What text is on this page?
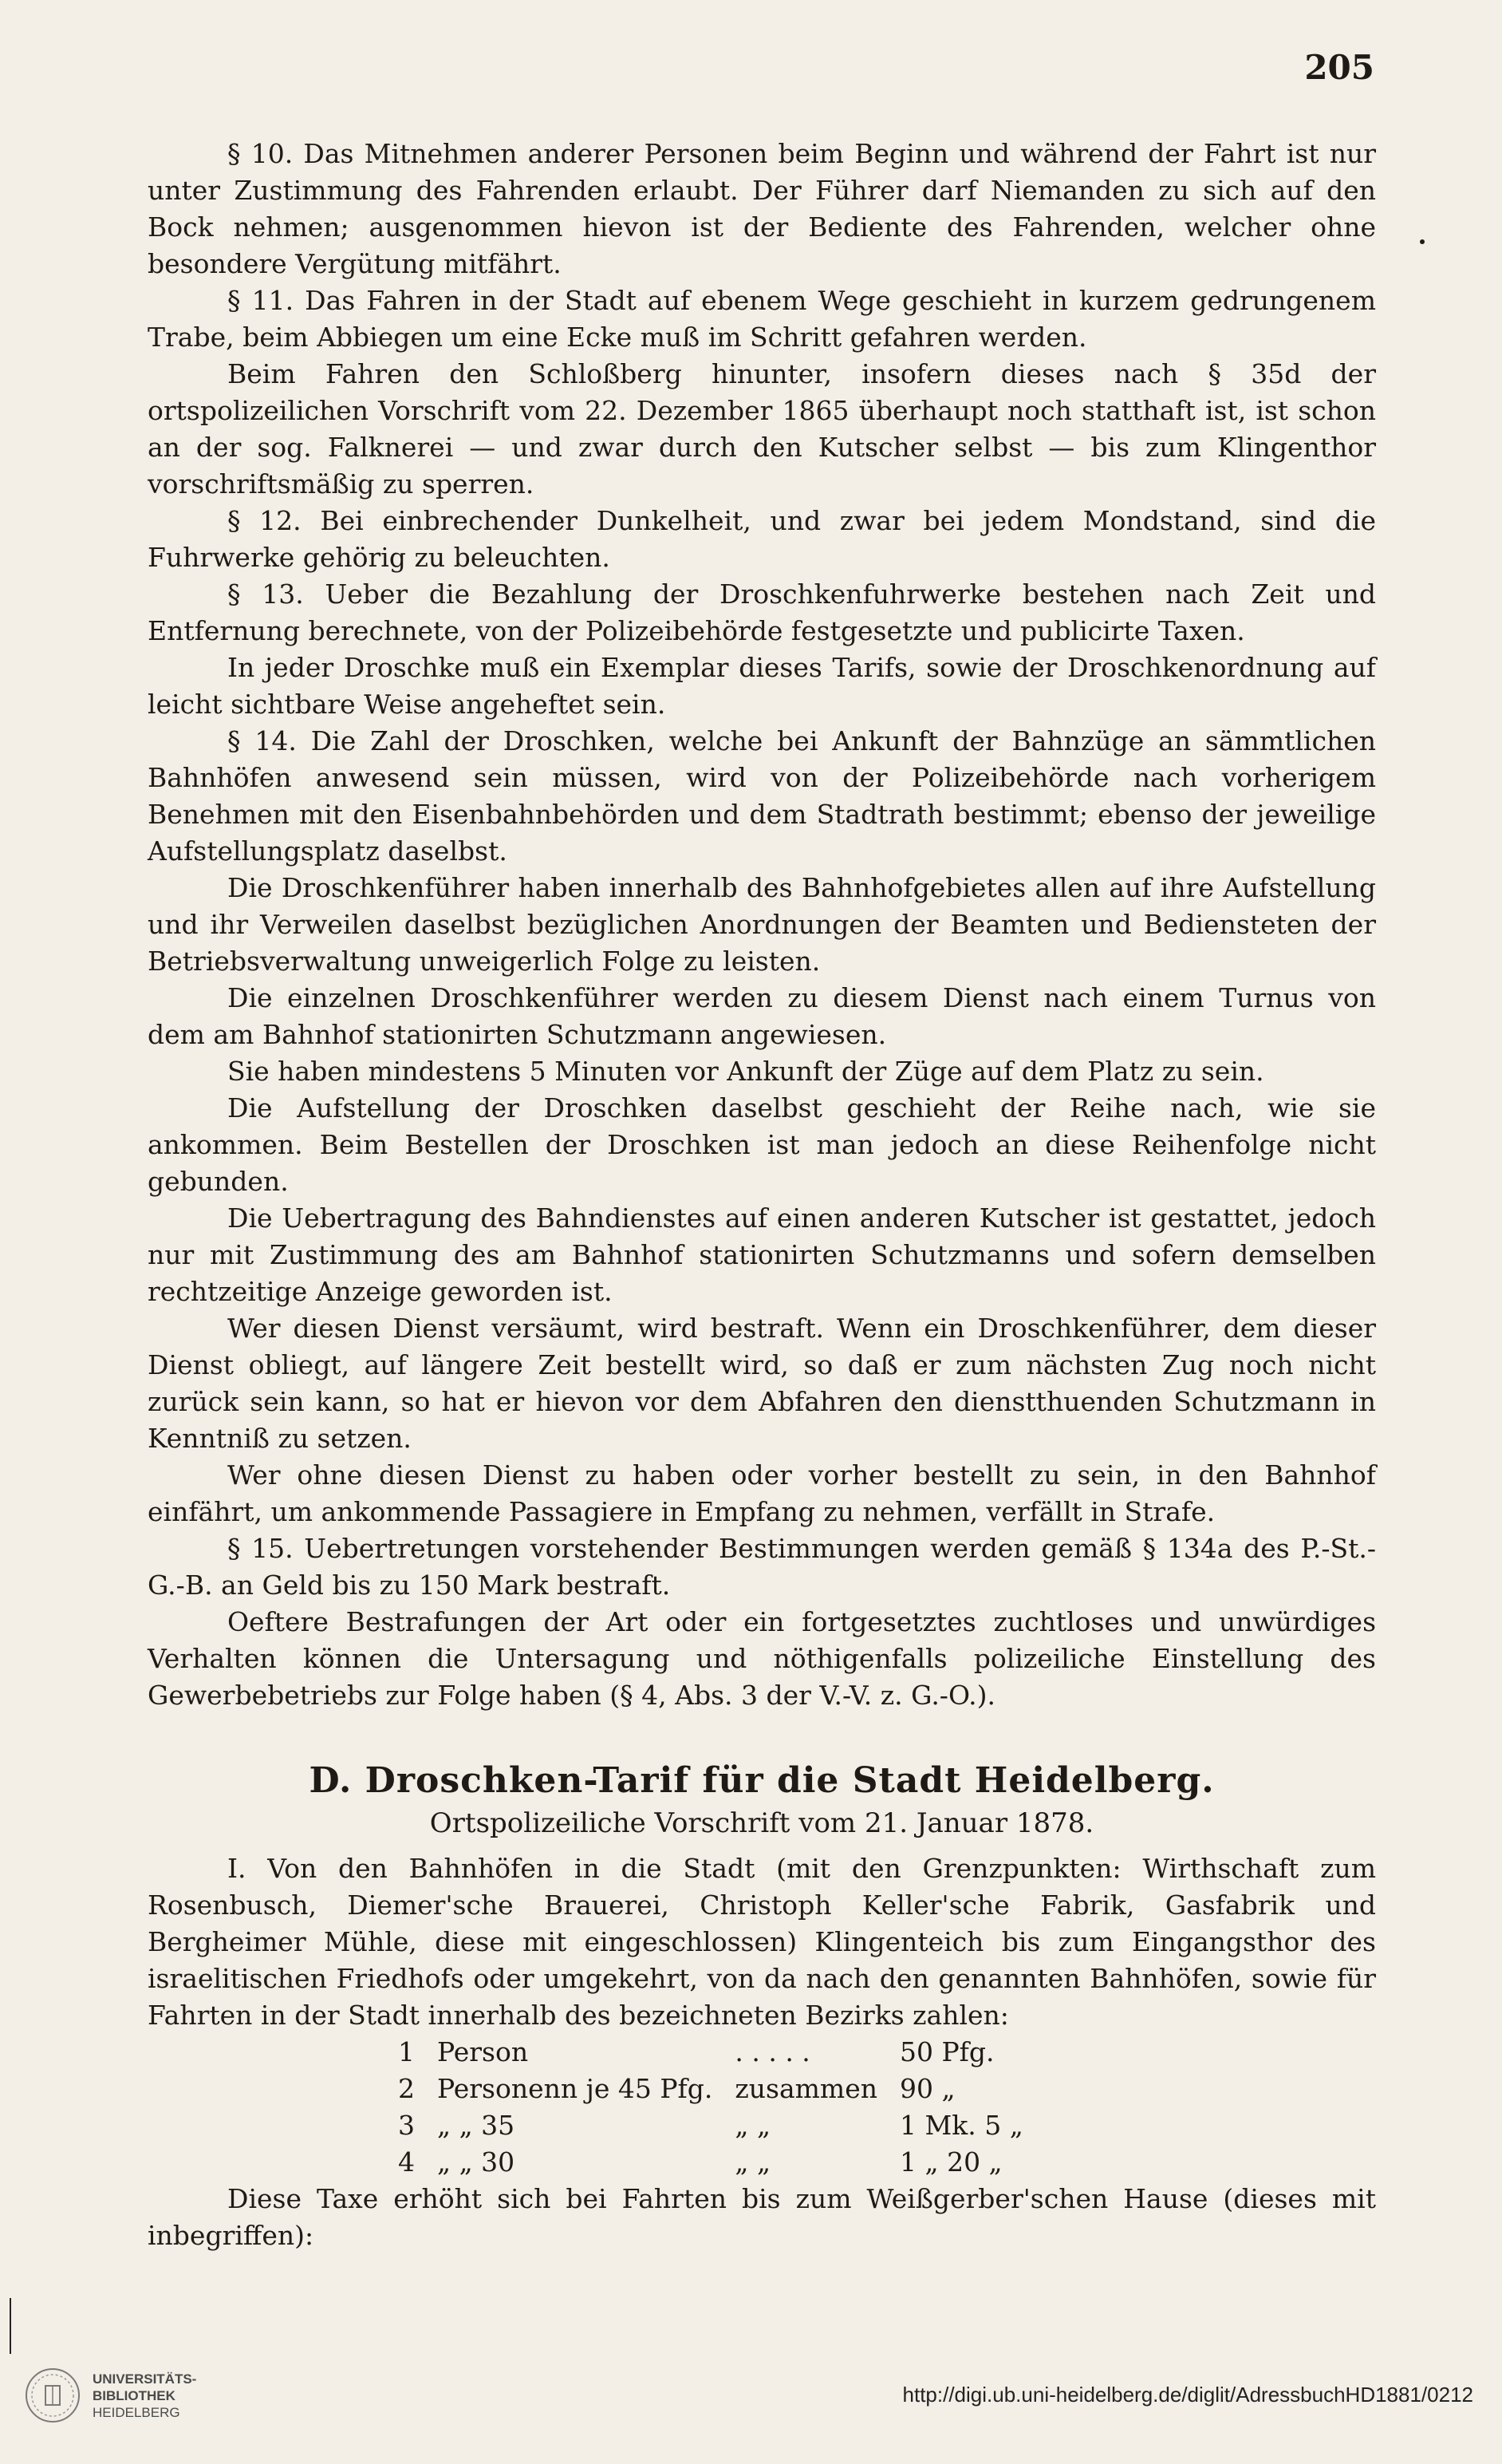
205

§ 10. Das Mitnehmen anderer Personen beim Beginn und während der Fahrt ist nur unter Zustimmung des Fahrenden erlaubt. Der Führer darf Niemanden zu sich auf den Bock nehmen; ausgenommen hievon ist der Bediente des Fahrenden, welcher ohne besondere Vergütung mitfährt.

§ 11. Das Fahren in der Stadt auf ebenem Wege geschieht in kurzem gedrungenem Trabe, beim Abbiegen um eine Ecke muß im Schritt gefahren werden.

Beim Fahren den Schloßberg hinunter, insofern dieses nach § 35d der ortspolizeilichen Vorschrift vom 22. Dezember 1865 überhaupt noch statthaft ist, ist schon an der sog. Falknerei — und zwar durch den Kutscher selbst — bis zum Klingenthor vorschriftsmäßig zu sperren.

§ 12. Bei einbrechender Dunkelheit, und zwar bei jedem Mondstand, sind die Fuhrwerke gehörig zu beleuchten.

§ 13. Ueber die Bezahlung der Droschkenfuhrwerke bestehen nach Zeit und Entfernung berechnete, von der Polizeibehörde festgesetzte und publicirte Taxen.

In jeder Droschke muß ein Exemplar dieses Tarifs, sowie der Droschkenordnung auf leicht sichtbare Weise angeheftet sein.

§ 14. Die Zahl der Droschken, welche bei Ankunft der Bahnzüge an sämmtlichen Bahnhöfen anwesend sein müssen, wird von der Polizeibehörde nach vorherigem Benehmen mit den Eisenbahnbehörden und dem Stadtrath bestimmt; ebenso der jeweilige Aufstellungsplatz daselbst.

Die Droschkenführer haben innerhalb des Bahnhofgebietes allen auf ihre Aufstellung und ihr Verweilen daselbst bezüglichen Anordnungen der Beamten und Bediensteten der Betriebsverwaltung unweigerlich Folge zu leisten.

Die einzelnen Droschkenführer werden zu diesem Dienst nach einem Turnus von dem am Bahnhof stationirten Schutzmann angewiesen.

Sie haben mindestens 5 Minuten vor Ankunft der Züge auf dem Platz zu sein.

Die Aufstellung der Droschken daselbst geschieht der Reihe nach, wie sie ankommen. Beim Bestellen der Droschken ist man jedoch an diese Reihenfolge nicht gebunden.

Die Uebertragung des Bahndienstes auf einen anderen Kutscher ist gestattet, jedoch nur mit Zustimmung des am Bahnhof stationirten Schutzmanns und sofern demselben rechtzeitige Anzeige geworden ist.

Wer diesen Dienst versäumt, wird bestraft. Wenn ein Droschkenführer, dem dieser Dienst obliegt, auf längere Zeit bestellt wird, so daß er zum nächsten Zug noch nicht zurück sein kann, so hat er hievon vor dem Abfahren den dienstthuenden Schutzmann in Kenntniß zu setzen.

Wer ohne diesen Dienst zu haben oder vorher bestellt zu sein, in den Bahnhof einfährt, um ankommende Passagiere in Empfang zu nehmen, verfällt in Strafe.

§ 15. Uebertretungen vorstehender Bestimmungen werden gemäß § 134a des P.-St.-G.-B. an Geld bis zu 150 Mark bestraft.

Oeftere Bestrafungen der Art oder ein fortgesetztes zuchtloses und unwürdiges Verhalten können die Untersagung und nöthigenfalls polizeiliche Einstellung des Gewerbebetriebs zur Folge haben (§ 4, Abs. 3 der V.-V. z. G.-O.).

D. Droschken-Tarif für die Stadt Heidelberg.
Ortspolizeiliche Vorschrift vom 21. Januar 1878.

I. Von den Bahnhöfen in die Stadt (mit den Grenzpunkten: Wirthschaft zum Rosenbusch, Diemer'sche Brauerei, Christoph Keller'sche Fabrik, Gasfabrik und Bergheimer Mühle, diese mit eingeschlossen) Klingenteich bis zum Eingangsthor des israelitischen Friedhofs oder umgekehrt, von da nach den genannten Bahnhöfen, sowie für Fahrten in der Stadt innerhalb des bezeichneten Bezirks zahlen:

1	Person	. . . . .	50 Pfg.
2	Personenn je 45 Pfg.	zusammen	90 „
3	„ „ 35	„ „	1 Mk. 5 „
4	„ „ 30	„ „	1 „ 20 „

Diese Taxe erhöht sich bei Fahrten bis zum Weißgerber'schen Hause (dieses mit inbegriffen):

UNIVERSITÄTS-
BIBLIOTHEK
HEIDELBERG
http://digi.ub.uni-heidelberg.de/diglit/AdressbuchHD1881/0212
